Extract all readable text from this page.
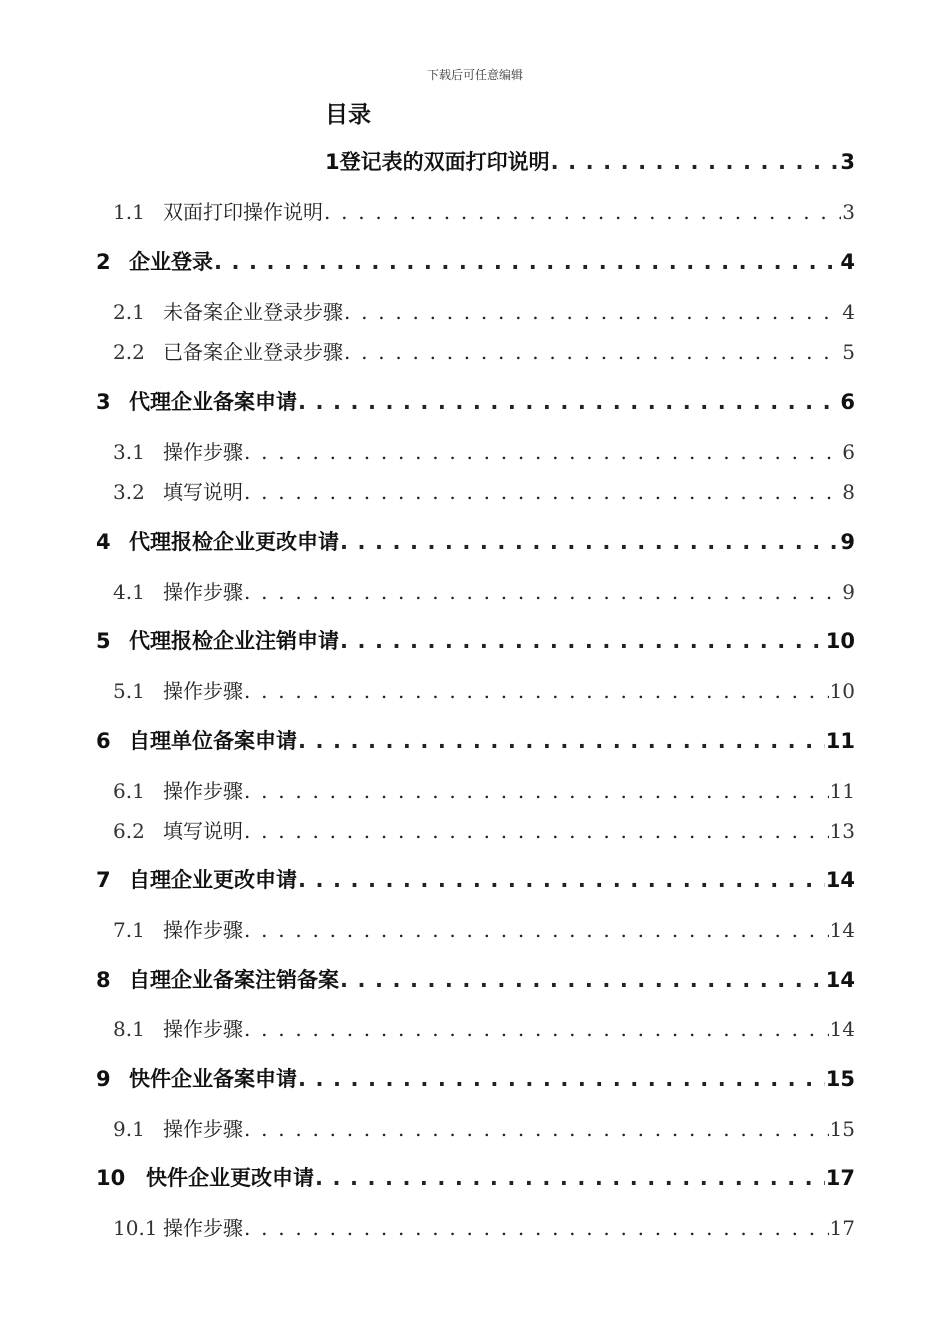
下载后可任意编辑
目录
1 登记表的双面打印说明 . . .	3
1.1 双面打印操作说明 . . .	3
2 企业登录 . . .	4
2.1 未备案企业登录步骤 . . .	4
2.2 已备案企业登录步骤 . . .	5
3 代理企业备案申请 . . .	6
3.1 操作步骤 . . .	6
3.2 填写说明 . . .	8
4 代理报检企业更改申请 . . .	9
4.1 操作步骤 . . .	9
5 代理报检企业注销申请 . . .	10
5.1 操作步骤 . . .	10
6 自理单位备案申请 . . .	11
6.1 操作步骤 . . .	11
6.2 填写说明 . . .	13
7 自理企业更改申请 . . .	14
7.1 操作步骤 . . .	14
8 自理企业备案注销备案 . . .	14
8.1 操作步骤 . . .	14
9 快件企业备案申请 . . .	15
9.1 操作步骤 . . .	15
10 快件企业更改申请 . . .	17
10.1 操作步骤 . . .	17
